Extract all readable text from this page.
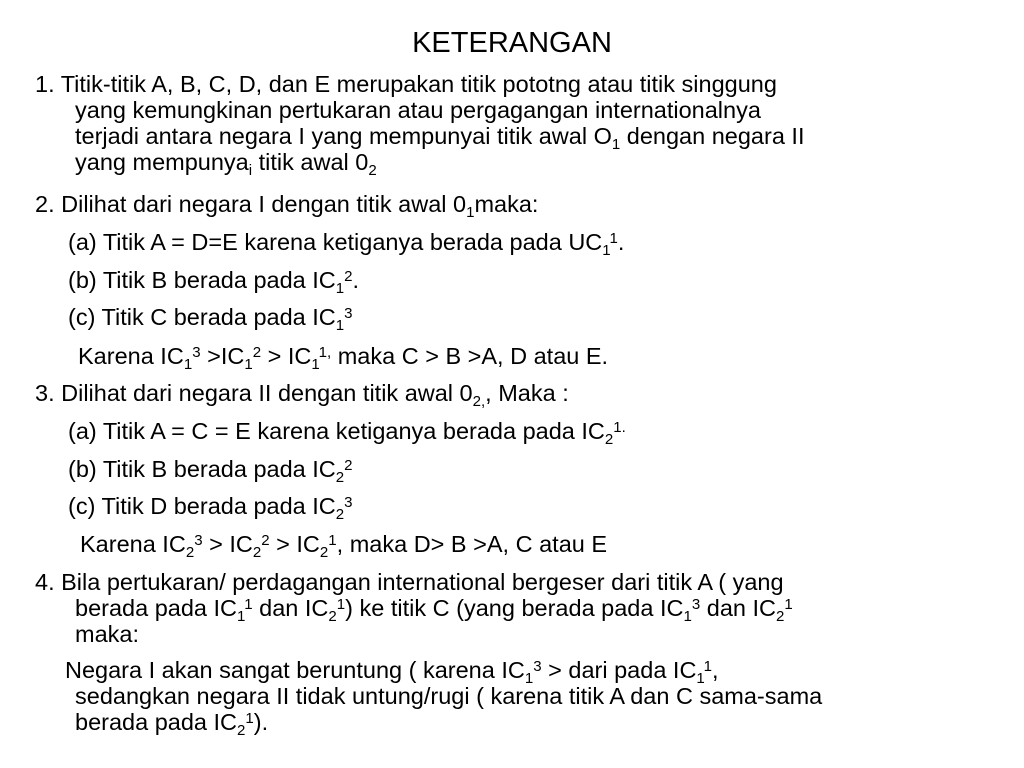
KETERANGAN
1. Titik-titik A, B, C, D, dan E merupakan titik pototng atau titik singgung
yang kemungkinan pertukaran atau pergagangan internationalnya
terjadi antara negara I yang mempunyai titik awal $O_1$ dengan negara II
yang mempunya$_i$ titik awal $0_2$
2. Dilihat dari negara I dengan titik awal $0_1maka$:
(a) Titik A = D=E karena ketiganya berada pada $UC_1^1$.
(b) Titik B berada pada $IC_1^2$.
(c) Titik C berada pada $IC_1^3$
Karena $IC_1^3 >IC_1^2 > IC_1^{1,}$ maka C > B >A, D atau E.
3. Dilihat dari negara II dengan titik awal $0_{2,}$, Maka :
(a) Titik A = C = E karena ketiganya berada pada $IC_2^{1.}$
(b) Titik B berada pada $IC_2^2$
(c) Titik D berada pada $IC_2^3$
Karena $IC_2^3 > IC_2^2 > IC_2^1$, maka D> B >A, C atau E
4. Bila pertukaran/ perdagangan international bergeser dari titik A ( yang
berada pada $IC_1^1$ dan $IC_2^1$) ke titik C (yang berada pada $IC_1^3$ dan $IC_2^1$
maka:
Negara I akan sangat beruntung ( karena $IC_1^3$ > dari pada $IC_1^1$,
sedangkan negara II tidak untung/rugi ( karena titik A dan C sama-sama
berada pada $IC_2^1$).
